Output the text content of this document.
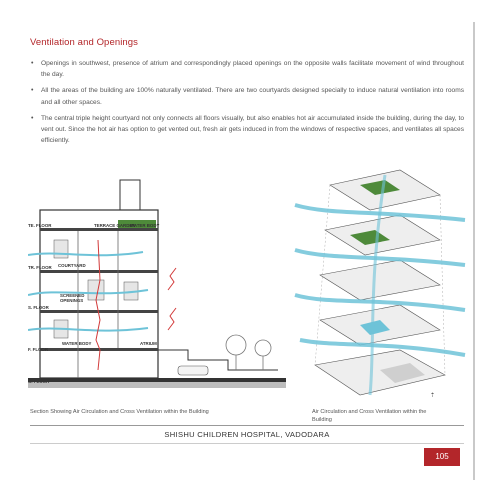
Ventilation and Openings
• Openings in southwest, presence of atrium and correspondingly placed openings on the opposite walls facilitate movement of wind throughout the day.
• All the areas of the building are 100% naturally ventilated. There are two courtyards designed specially to induce natural ventilation into rooms and all other spaces.
• The central triple height courtyard not only connects all floors visually, but also enables hot air accumulated inside the building, during the day, to vent out. Since the hot air has option to get vented out, fresh air gets induced in from the windows of respective spaces, and ventilates all spaces efficiently.
TE. FLOOR	TERRACE GARDEN
WATER BODY
TR. FLOOR COURTYARD
SCREENED
OPENINGS
S. FLOOR
WATER BODY	ATRIUM
F. FLOOR
G. FLOOR
⇡

Section Showing Air Circulation and Cross Ventilation within the Building	Air Circulation and Cross Ventilation within the Building

SHISHU CHILDREN HOSPITAL, VADODARA
105
